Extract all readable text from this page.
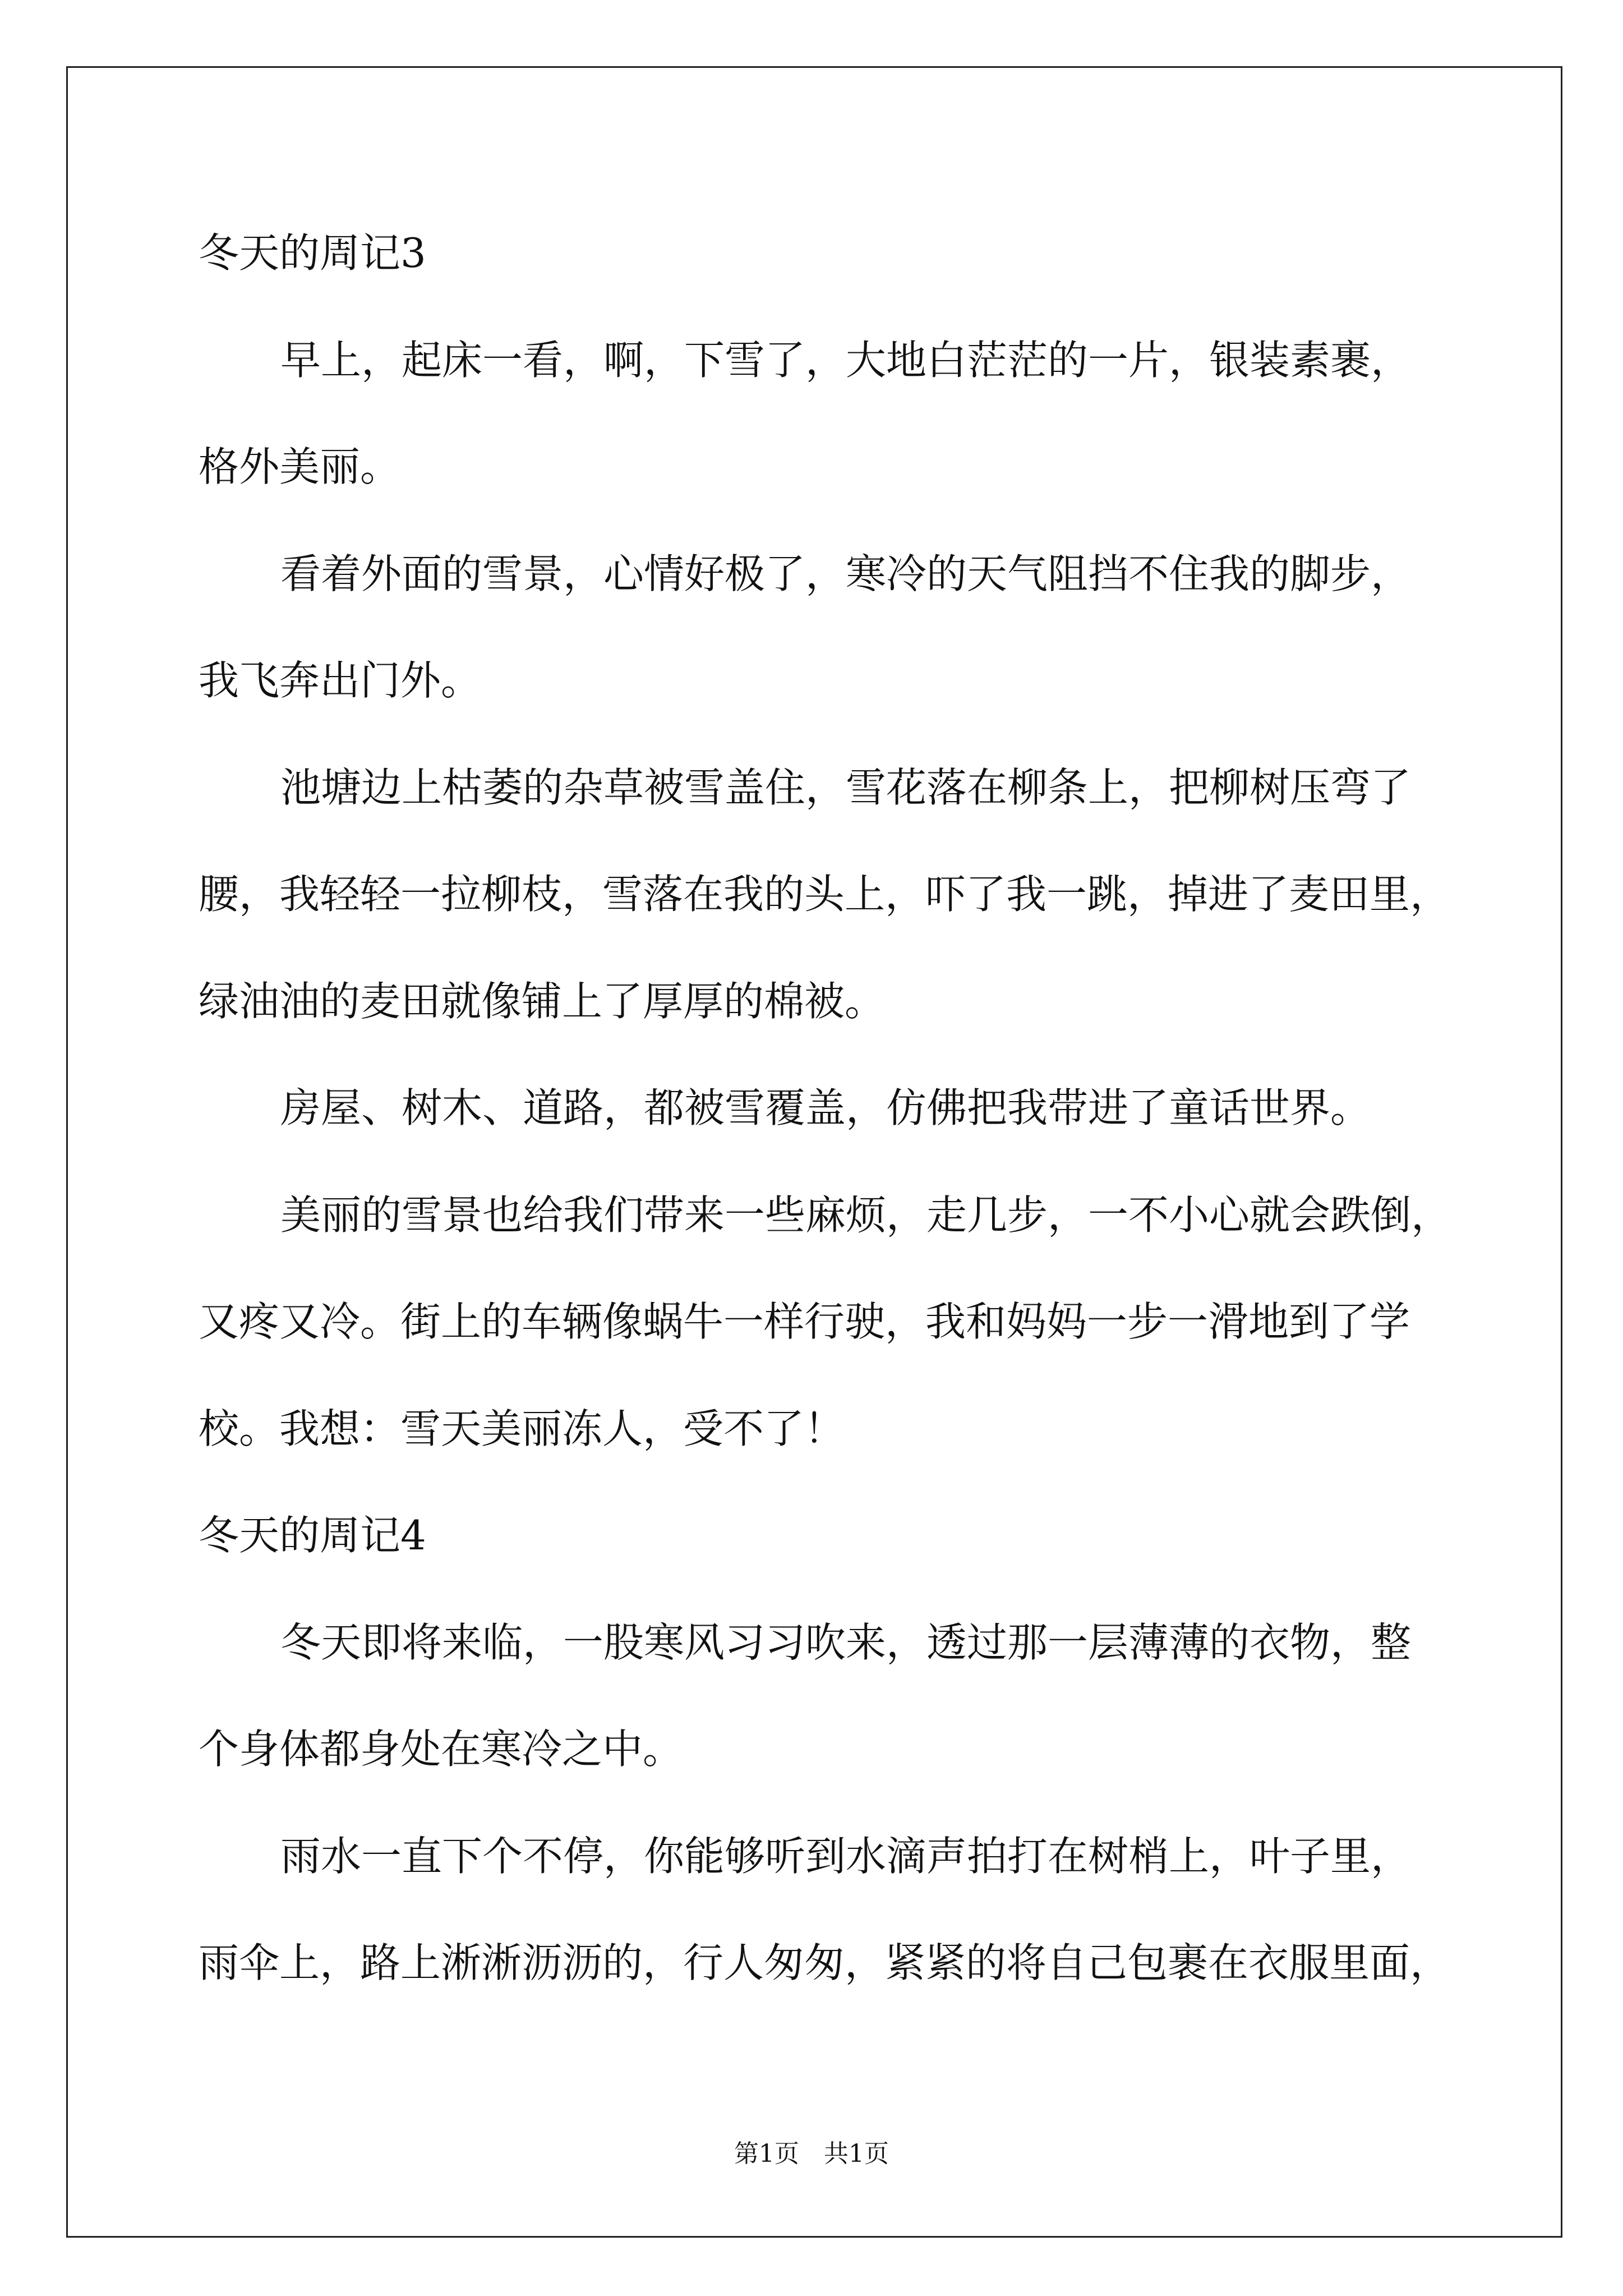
冬天的周记3
早上，起床一看，啊，下雪了，大地白茫茫的一片，银装素裹，
格外美丽。
看着外面的雪景，心情好极了，寒冷的天气阻挡不住我的脚步，
我飞奔出门外。
池塘边上枯萎的杂草被雪盖住，雪花落在柳条上，把柳树压弯了
腰，我轻轻一拉柳枝，雪落在我的头上，吓了我一跳，掉进了麦田里，
绿油油的麦田就像铺上了厚厚的棉被。
房屋、树木、道路，都被雪覆盖，仿佛把我带进了童话世界。
美丽的雪景也给我们带来一些麻烦，走几步，一不小心就会跌倒，
又疼又冷。街上的车辆像蜗牛一样行驶，我和妈妈一步一滑地到了学
校。我想：雪天美丽冻人，受不了！
冬天的周记4
冬天即将来临，一股寒风习习吹来，透过那一层薄薄的衣物，整
个身体都身处在寒冷之中。
雨水一直下个不停，你能够听到水滴声拍打在树梢上，叶子里，
雨伞上，路上淅淅沥沥的，行人匆匆，紧紧的将自己包裹在衣服里面，
第1页　共1页
